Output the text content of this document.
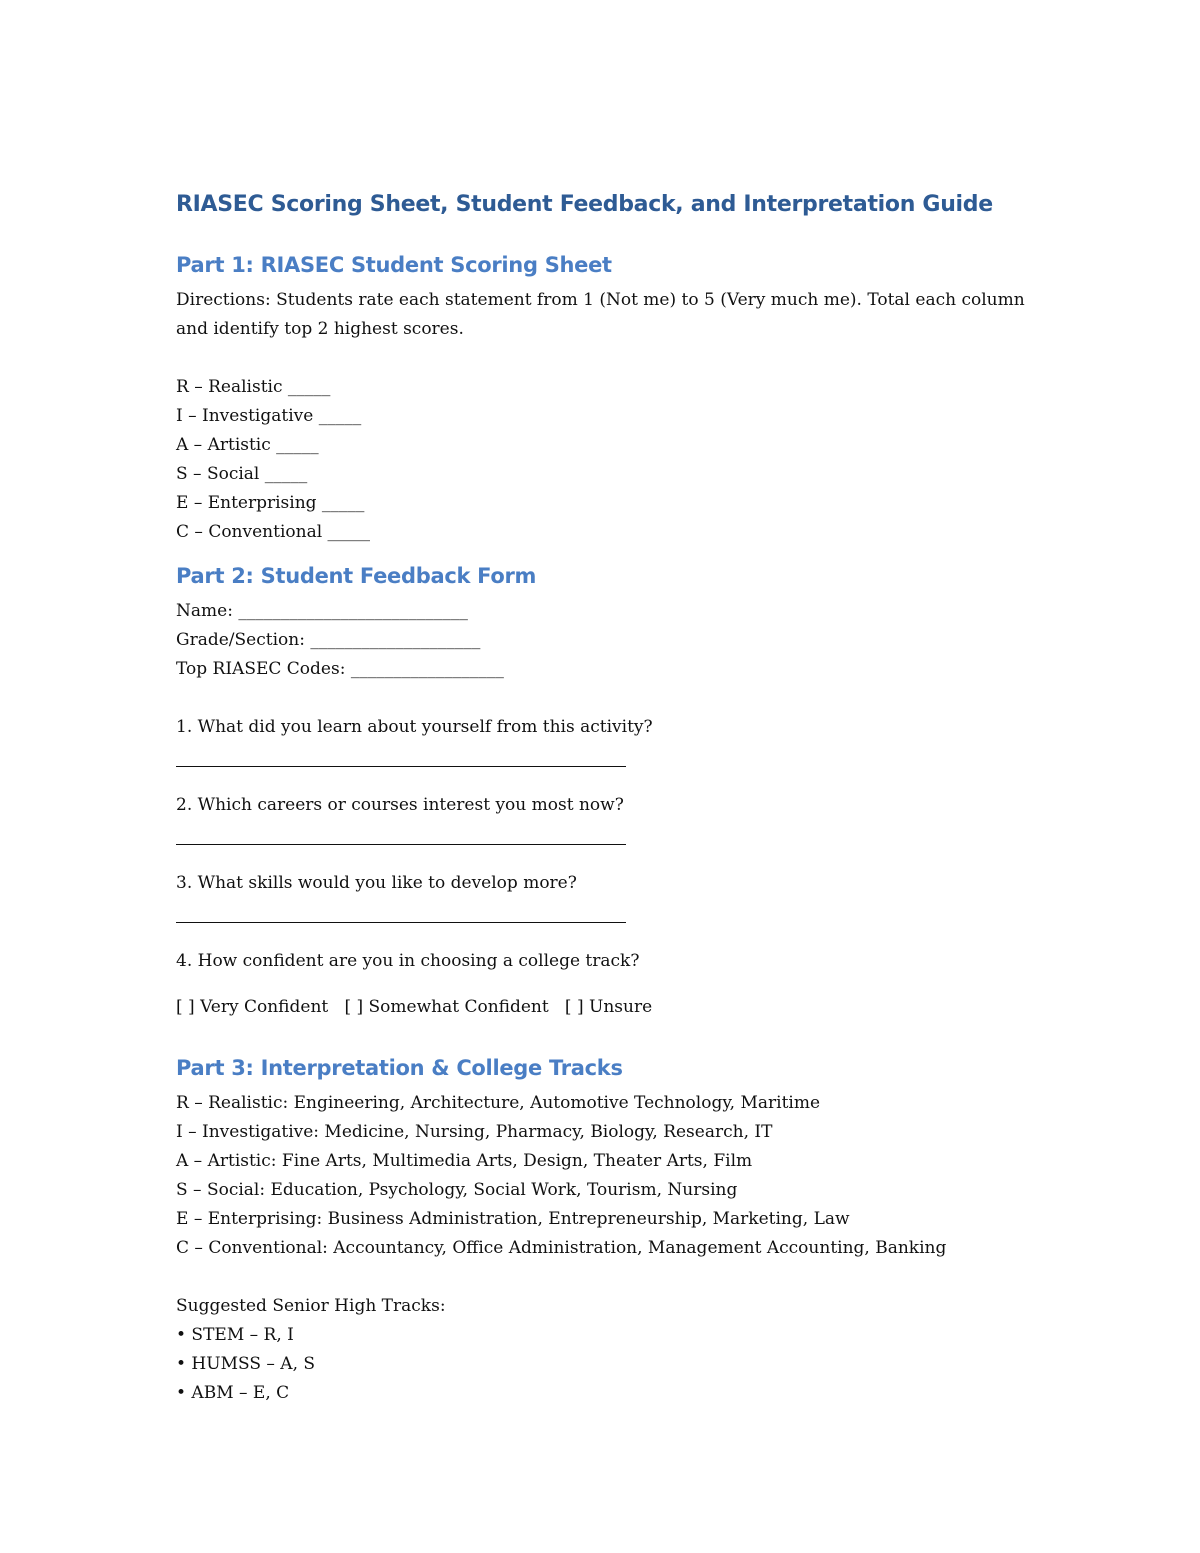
RIASEC Scoring Sheet, Student Feedback, and Interpretation Guide
Part 1: RIASEC Student Scoring Sheet

Directions: Students rate each statement from 1 (Not me) to 5 (Very much me). Total each column and identify top 2 highest scores.

R – Realistic _____

I – Investigative _____

A – Artistic _____

S – Social _____

E – Enterprising _____

C – Conventional _____

Part 2: Student Feedback Form

Name: ___________________________

Grade/Section: ____________________

Top RIASEC Codes: __________________

1. What did you learn about yourself from this activity?

2. Which careers or courses interest you most now?

3. What skills would you like to develop more?

4. How confident are you in choosing a college track?

[ ] Very Confident   [ ] Somewhat Confident   [ ] Unsure

Part 3: Interpretation & College Tracks

R – Realistic: Engineering, Architecture, Automotive Technology, Maritime

I – Investigative: Medicine, Nursing, Pharmacy, Biology, Research, IT

A – Artistic: Fine Arts, Multimedia Arts, Design, Theater Arts, Film

S – Social: Education, Psychology, Social Work, Tourism, Nursing

E – Enterprising: Business Administration, Entrepreneurship, Marketing, Law

C – Conventional: Accountancy, Office Administration, Management Accounting, Banking

Suggested Senior High Tracks:

• STEM – R, I

• HUMSS – A, S

• ABM – E, C
